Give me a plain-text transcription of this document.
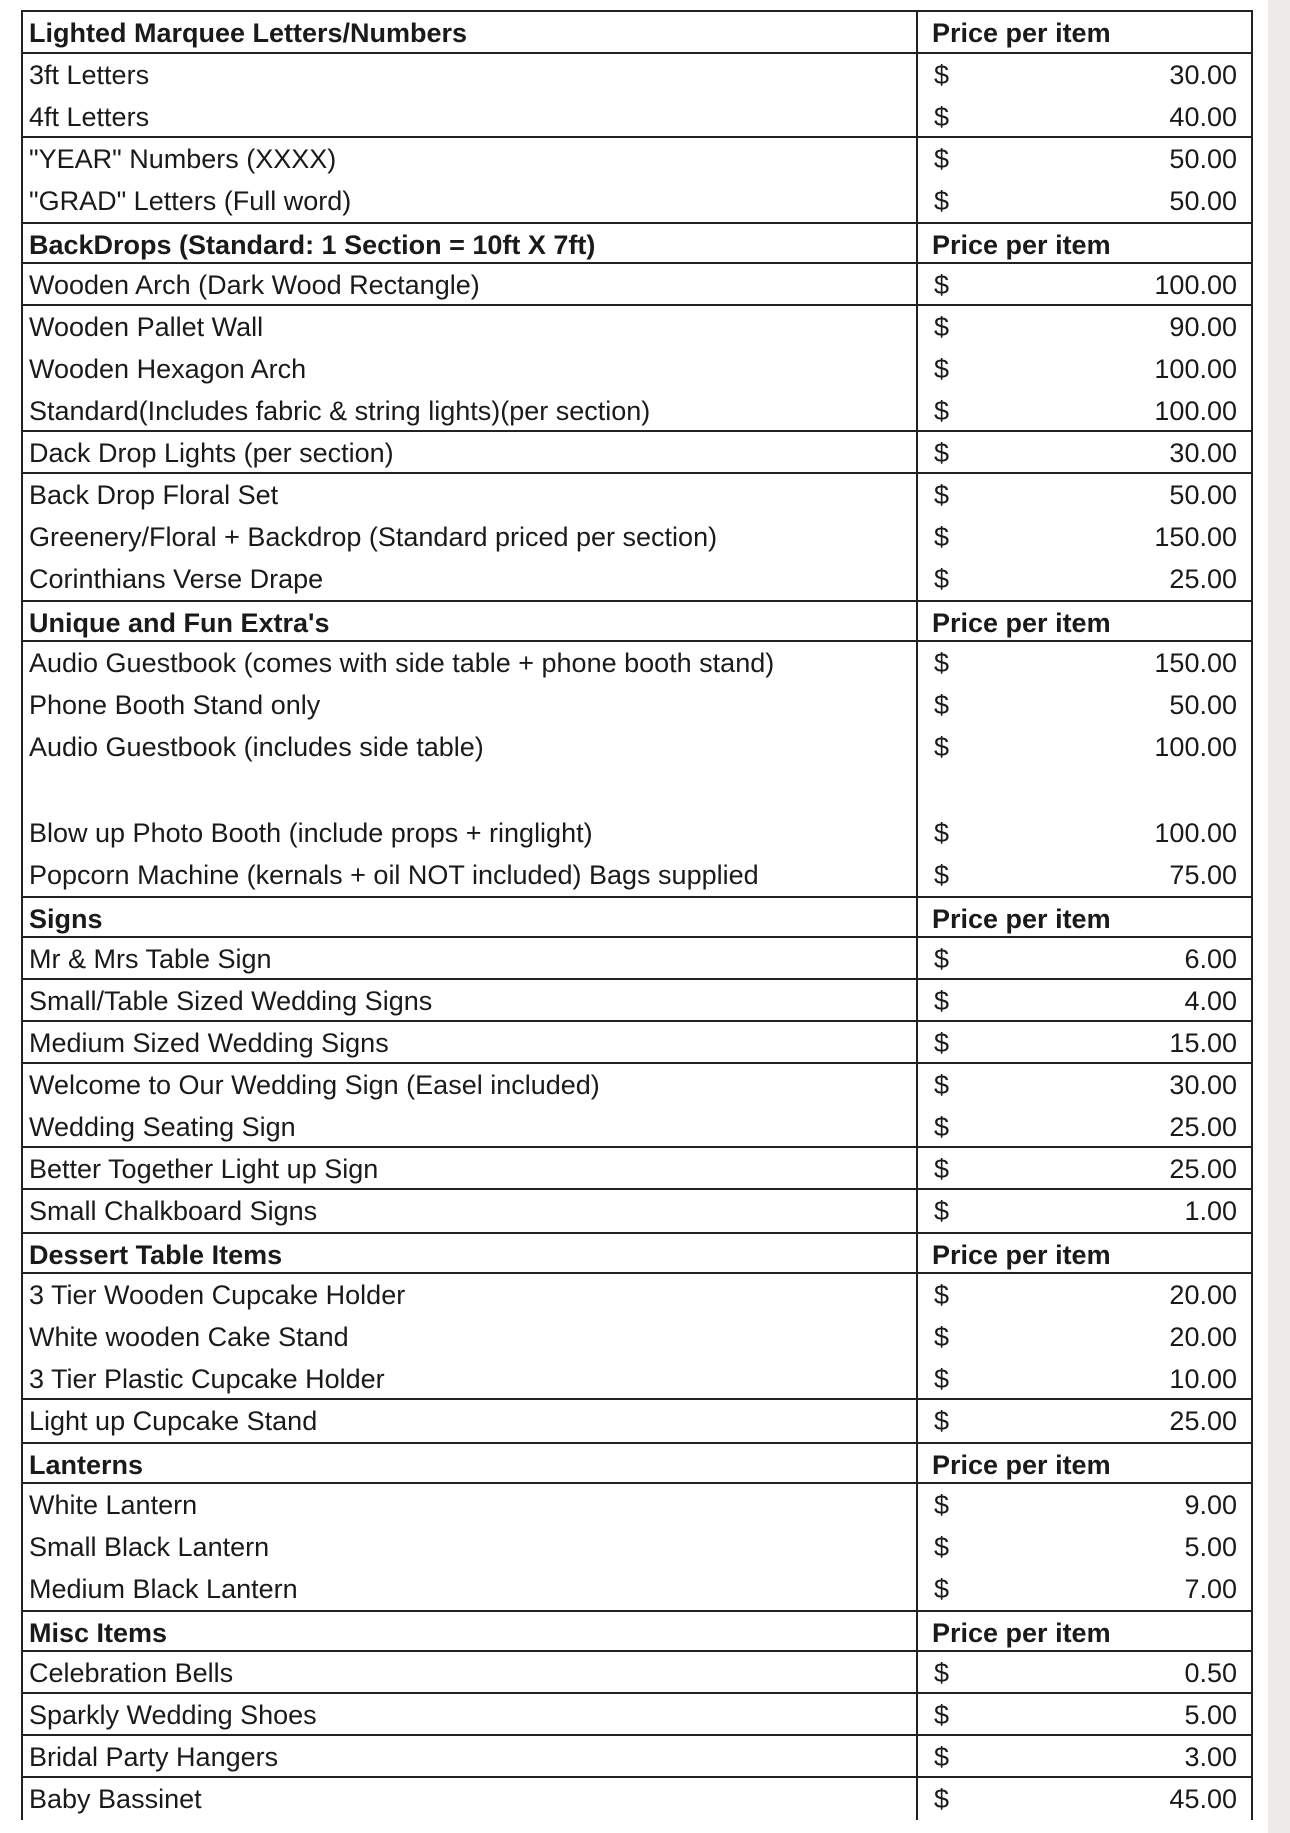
Lighted Marquee Letters/Numbers	Price per item
3ft Letters	$	30.00
4ft Letters	$	40.00
"YEAR" Numbers (XXXX)	$	50.00
"GRAD" Letters (Full word)	$	50.00
BackDrops (Standard: 1 Section = 10ft X 7ft)	Price per item
Wooden Arch (Dark Wood Rectangle)	$	100.00
Wooden Pallet Wall	$	90.00
Wooden Hexagon Arch	$	100.00
Standard(Includes fabric & string lights)(per section)	$	100.00
Dack Drop Lights (per section)	$	30.00
Back Drop Floral Set	$	50.00
Greenery/Floral + Backdrop (Standard priced per section)	$	150.00
Corinthians Verse Drape	$	25.00
Unique and Fun Extra's	Price per item
Audio Guestbook (comes with side table + phone booth stand)	$	150.00
Phone Booth Stand only	$	50.00
Audio Guestbook (includes side table)	$	100.00
Blow up Photo Booth (include props + ringlight)	$	100.00
Popcorn Machine (kernals + oil NOT included) Bags supplied	$	75.00
Signs	Price per item
Mr & Mrs Table Sign	$	6.00
Small/Table Sized Wedding Signs	$	4.00
Medium Sized Wedding Signs	$	15.00
Welcome to Our Wedding Sign (Easel included)	$	30.00
Wedding Seating Sign	$	25.00
Better Together Light up Sign	$	25.00
Small Chalkboard Signs	$	1.00
Dessert Table Items	Price per item
3 Tier Wooden Cupcake Holder	$	20.00
White wooden Cake Stand	$	20.00
3 Tier Plastic Cupcake Holder	$	10.00
Light up Cupcake Stand	$	25.00
Lanterns	Price per item
White Lantern	$	9.00
Small Black Lantern	$	5.00
Medium Black Lantern	$	7.00
Misc Items	Price per item
Celebration Bells	$	0.50
Sparkly Wedding Shoes	$	5.00
Bridal Party Hangers	$	3.00
Baby Bassinet	$	45.00
